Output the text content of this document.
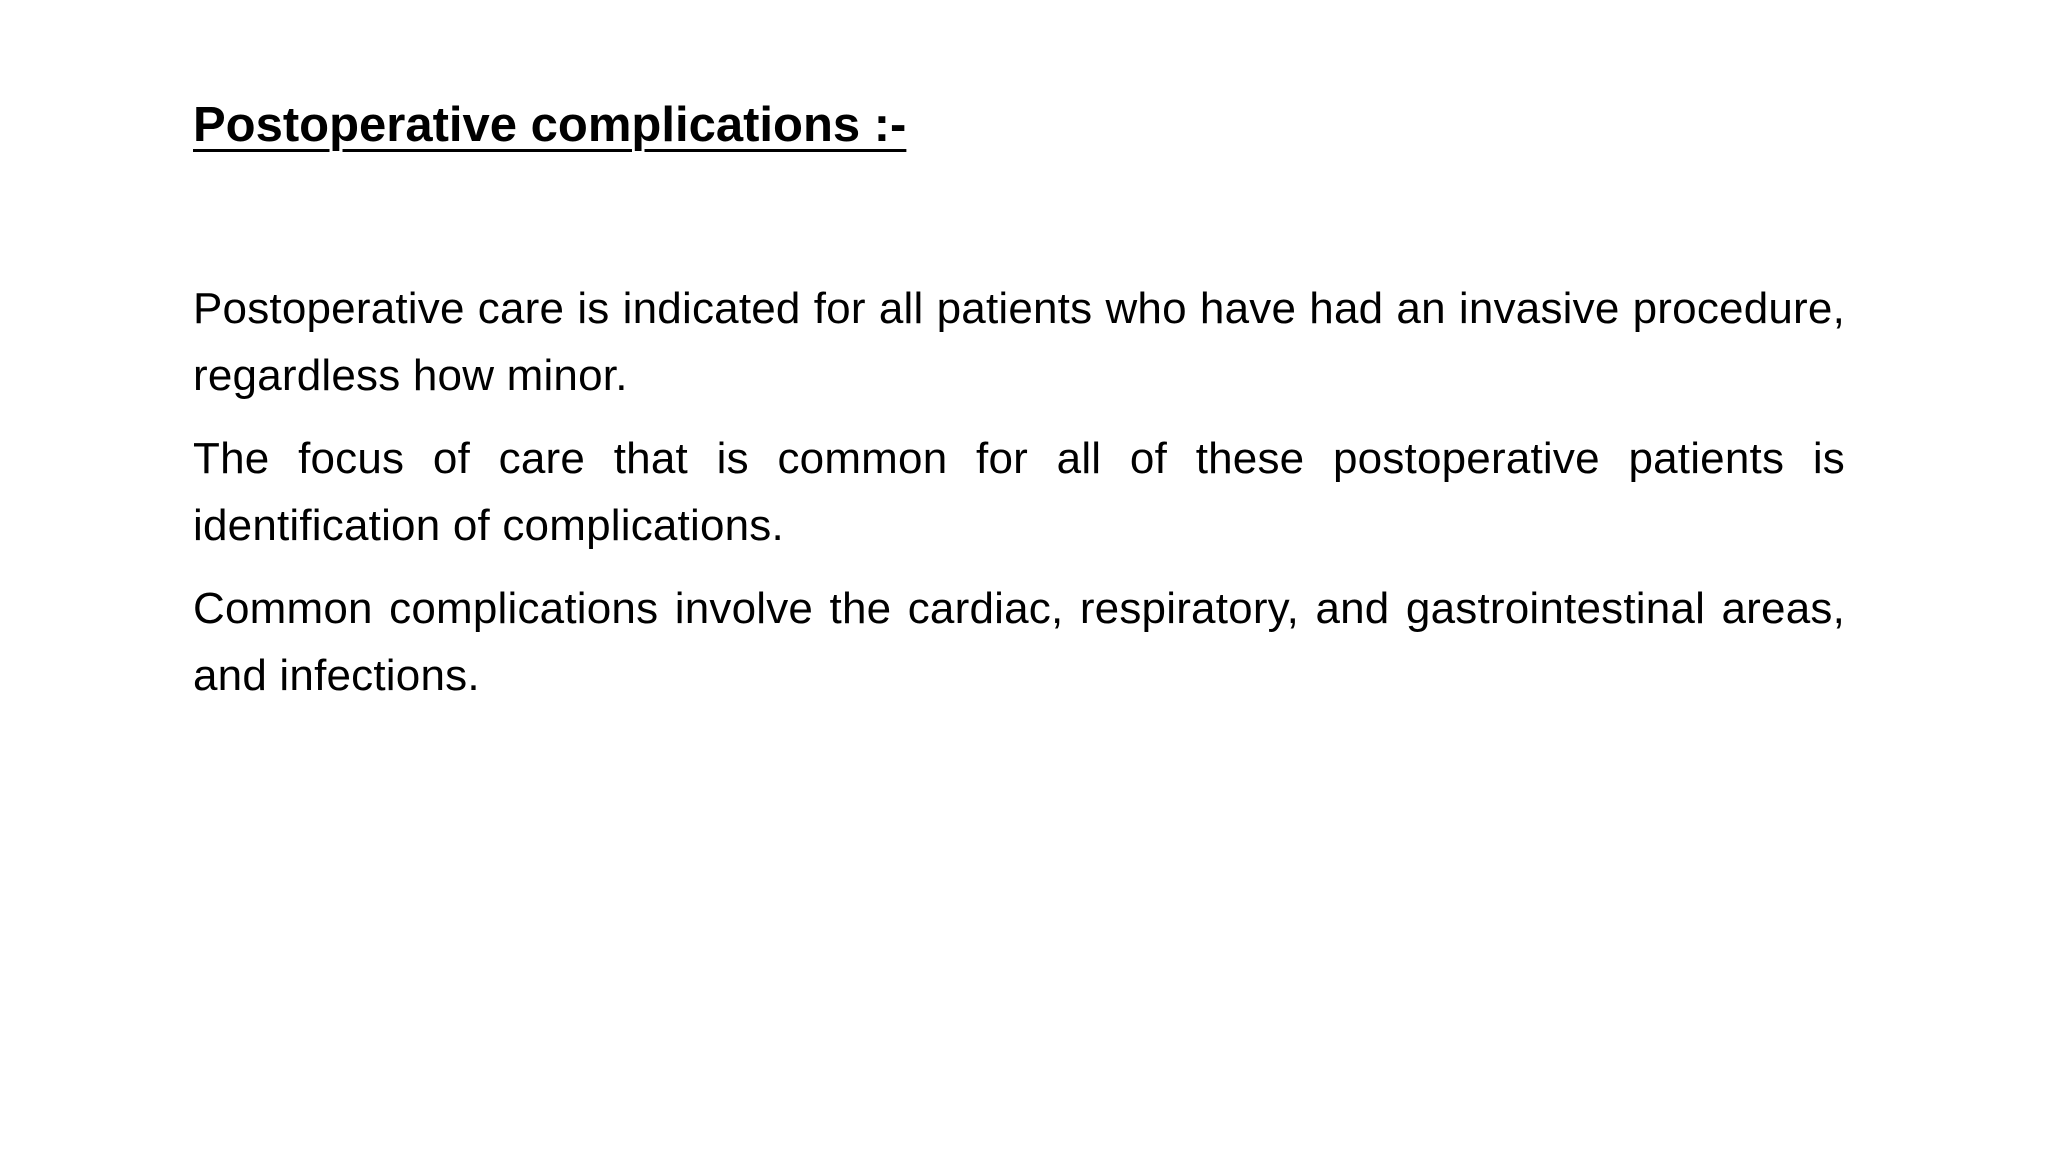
Postoperative complications :-

Postoperative care is indicated for all patients who have had an invasive procedure, regardless how minor.

The focus of care that is common for all of these postoperative patients is identification of complications.

Common complications involve the cardiac, respiratory, and gastrointestinal areas, and infections.
